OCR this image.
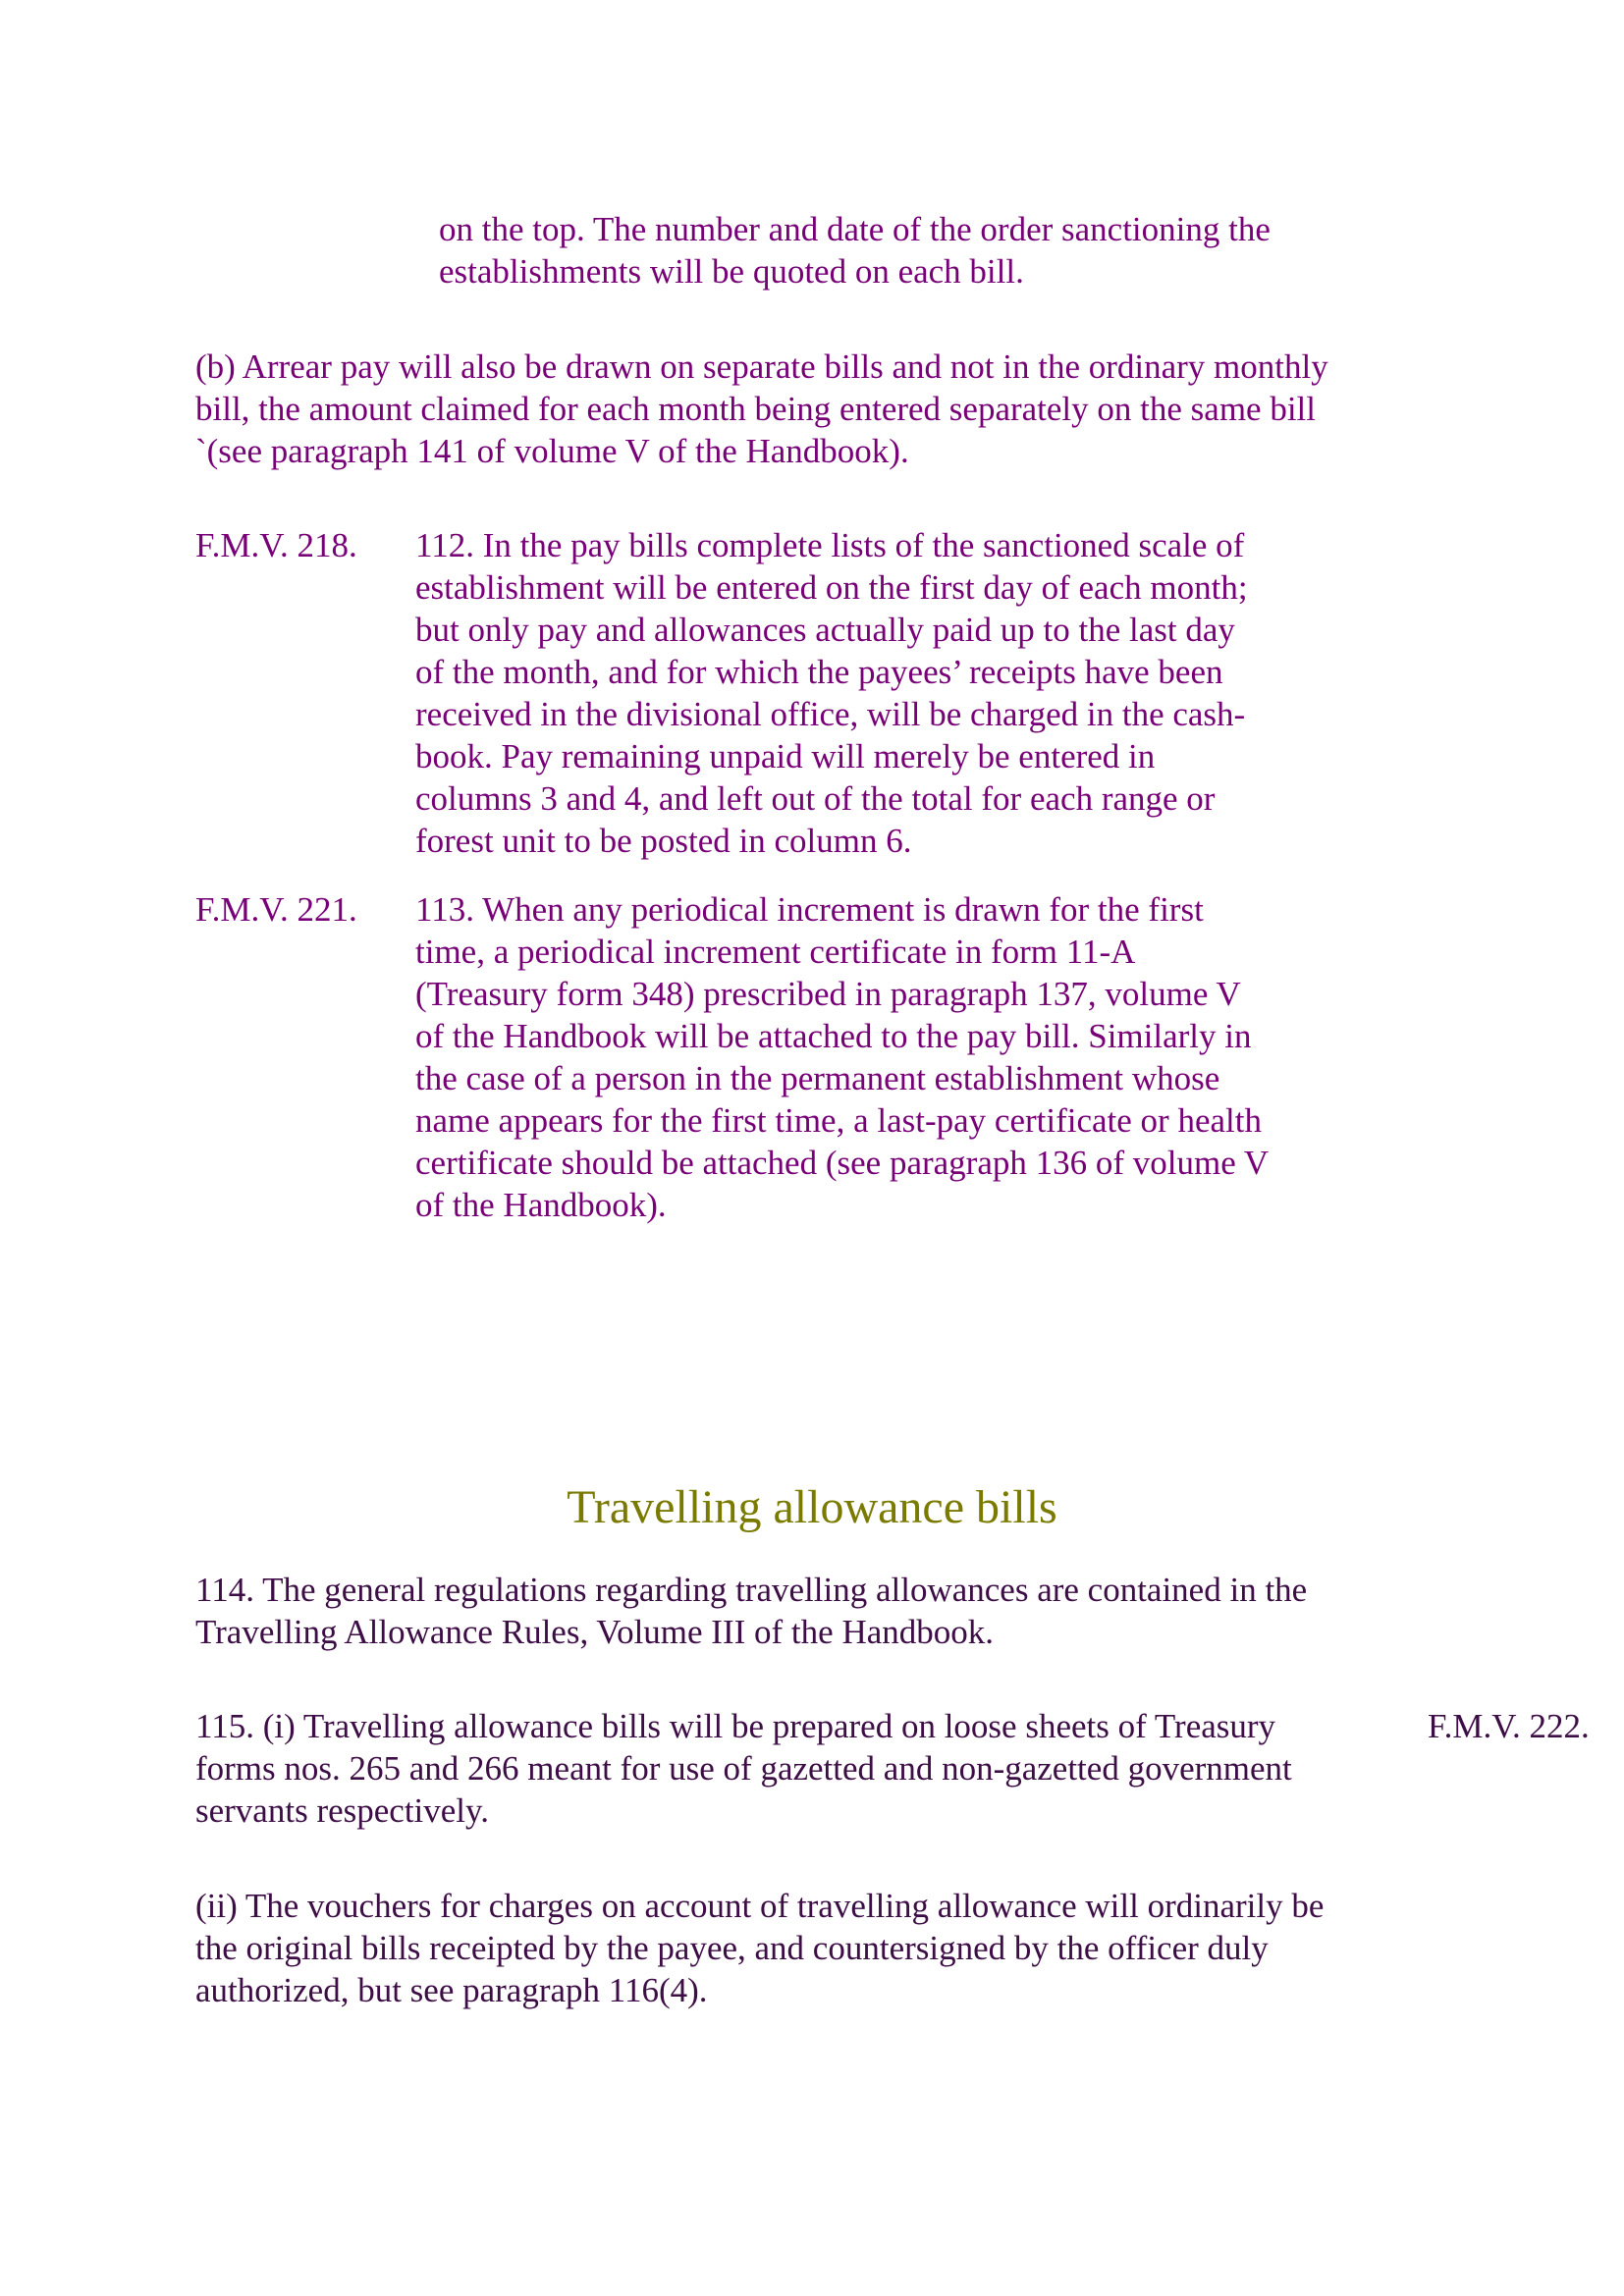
on the top. The number and date of the order sanctioning the
establishments will be quoted on each bill.
(b) Arrear pay will also be drawn on separate bills and not in the ordinary monthly
bill, the amount claimed for each month being entered separately on the same bill
`(see paragraph 141 of volume V of the Handbook).
F.M.V. 218. 112. In the pay bills complete lists of the sanctioned scale of
establishment will be entered on the first day of each month;
but only pay and allowances actually paid up to the last day
of the month, and for which the payees’ receipts have been
received in the divisional office, will be charged in the cash-
book. Pay remaining unpaid will merely be entered in
columns 3 and 4, and left out of the total for each range or
forest unit to be posted in column 6.
F.M.V. 221. 113. When any periodical increment is drawn for the first
time, a periodical increment certificate in form 11-A
(Treasury form 348) prescribed in paragraph 137, volume V
of the Handbook will be attached to the pay bill. Similarly in
the case of a person in the permanent establishment whose
name appears for the first time, a last-pay certificate or health
certificate should be attached (see paragraph 136 of volume V
of the Handbook).
Travelling allowance bills
114. The general regulations regarding travelling allowances are contained in the
Travelling Allowance Rules, Volume III of the Handbook.
115. (i) Travelling allowance bills will be prepared on loose sheets of Treasury
forms nos. 265 and 266 meant for use of gazetted and non-gazetted government
servants respectively.
F.M.V. 222.
(ii) The vouchers for charges on account of travelling allowance will ordinarily be
the original bills receipted by the payee, and countersigned by the officer duly
authorized, but see paragraph 116(4).
